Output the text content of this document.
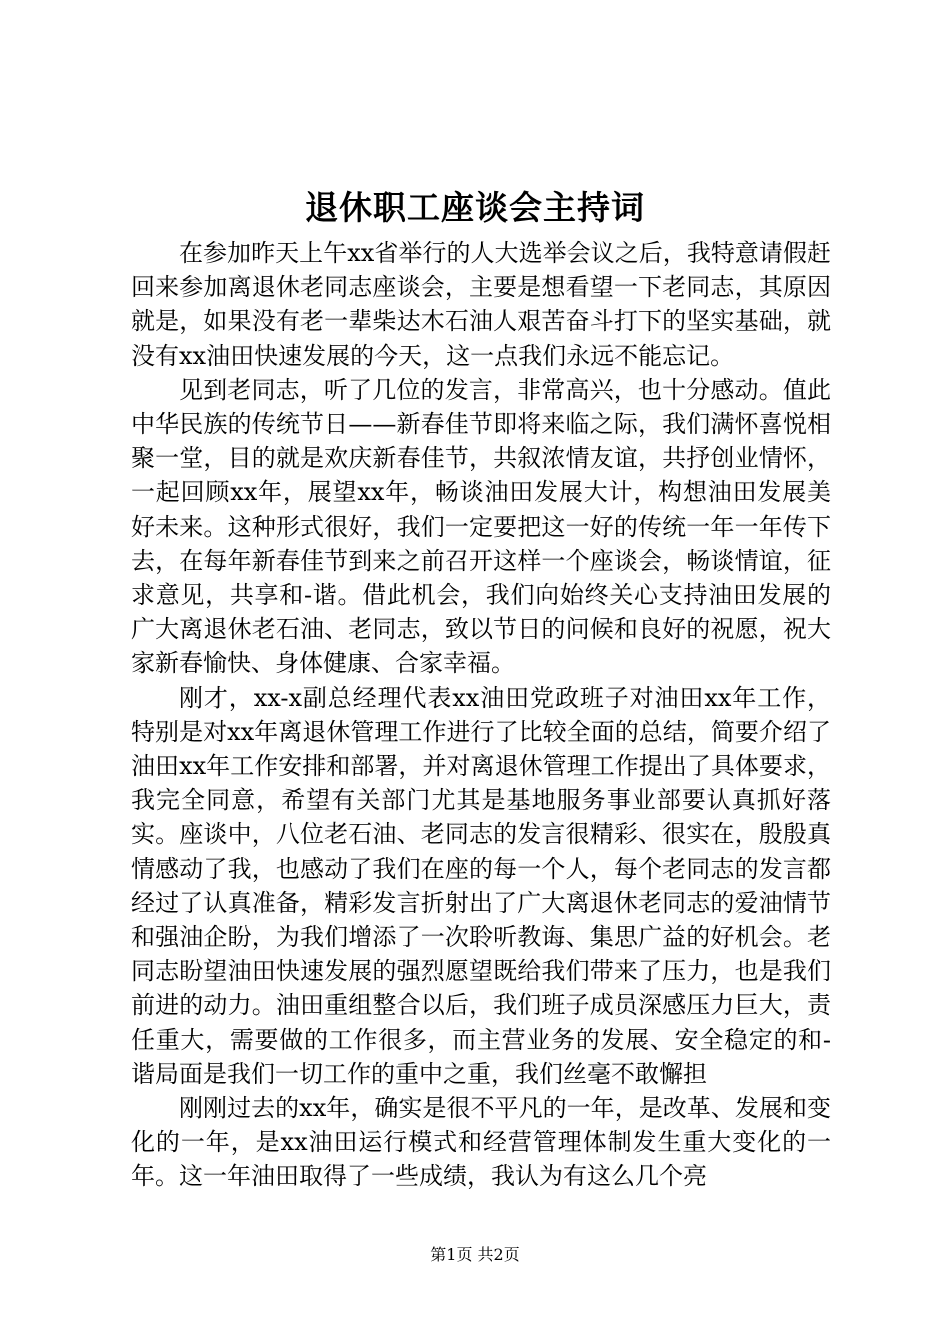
退休职工座谈会主持词

在参加昨天上午xx省举行的人大选举会议之后，我特意请假赶回来参加离退休老同志座谈会，主要是想看望一下老同志，其原因就是，如果没有老一辈柴达木石油人艰苦奋斗打下的坚实基础，就没有xx油田快速发展的今天，这一点我们永远不能忘记。

见到老同志，听了几位的发言，非常高兴，也十分感动。值此中华民族的传统节日——新春佳节即将来临之际，我们满怀喜悦相聚一堂，目的就是欢庆新春佳节，共叙浓情友谊，共抒创业情怀，一起回顾xx年，展望xx年，畅谈油田发展大计，构想油田发展美好未来。这种形式很好，我们一定要把这一好的传统一年一年传下去，在每年新春佳节到来之前召开这样一个座谈会，畅谈情谊，征求意见，共享和-谐。借此机会，我们向始终关心支持油田发展的广大离退休老石油、老同志，致以节日的问候和良好的祝愿，祝大家新春愉快、身体健康、合家幸福。

刚才，xx-x副总经理代表xx油田党政班子对油田xx年工作，特别是对xx年离退休管理工作进行了比较全面的总结，简要介绍了油田xx年工作安排和部署，并对离退休管理工作提出了具体要求，我完全同意，希望有关部门尤其是基地服务事业部要认真抓好落实。座谈中，八位老石油、老同志的发言很精彩、很实在，殷殷真情感动了我，也感动了我们在座的每一个人，每个老同志的发言都经过了认真准备，精彩发言折射出了广大离退休老同志的爱油情节和强油企盼，为我们增添了一次聆听教诲、集思广益的好机会。老同志盼望油田快速发展的强烈愿望既给我们带来了压力，也是我们前进的动力。油田重组整合以后，我们班子成员深感压力巨大，责任重大，需要做的工作很多，而主营业务的发展、安全稳定的和-谐局面是我们一切工作的重中之重，我们丝毫不敢懈担

刚刚过去的xx年，确实是很不平凡的一年，是改革、发展和变化的一年，是xx油田运行模式和经营管理体制发生重大变化的一年。这一年油田取得了一些成绩，我认为有这么几个亮

第1页 共2页
